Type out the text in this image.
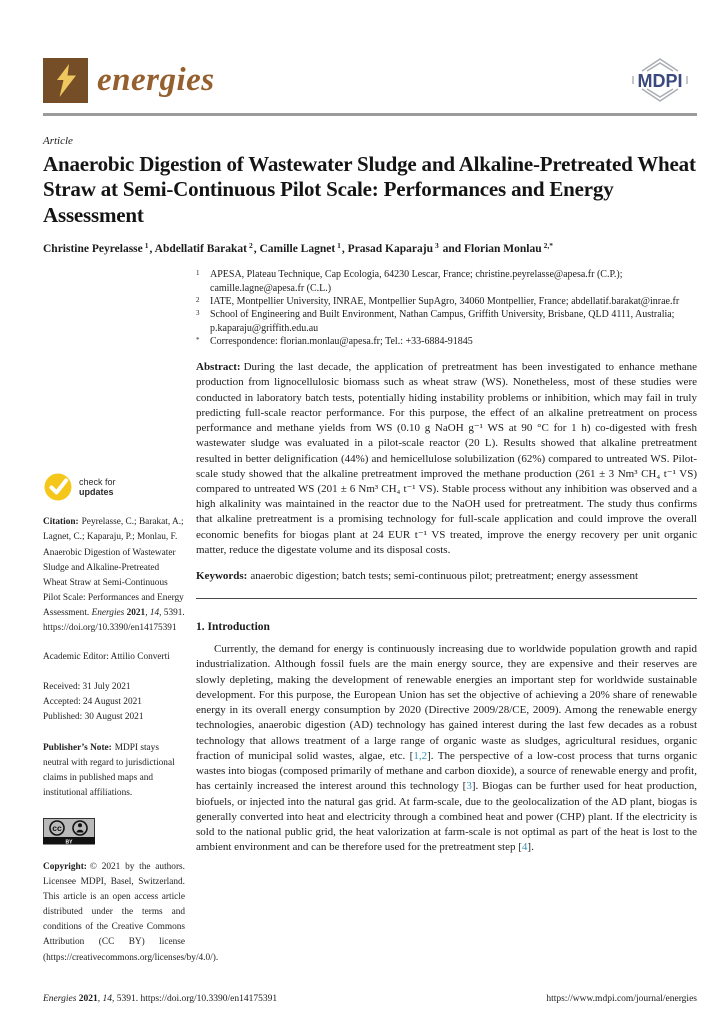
energies	MDPI
Article
Anaerobic Digestion of Wastewater Sludge and Alkaline-Pretreated Wheat Straw at Semi-Continuous Pilot Scale: Performances and Energy Assessment
Christine Peyrelasse $^1$, Abdellatif Barakat $^2$, Camille Lagnet $^1$, Prasad Kaparaju $^3$ and Florian Monlau $^{2,*}$
check for
updates

Citation: Peyrelasse, C.; Barakat, A.; Lagnet, C.; Kaparaju, P.; Monlau, F. Anaerobic Digestion of Wastewater Sludge and Alkaline-Pretreated Wheat Straw at Semi-Continuous Pilot Scale: Performances and Energy Assessment. Energies 2021, 14, 5391. https://doi.org/10.3390/en14175391

Academic Editor: Attilio Converti

Received: 31 July 2021
Accepted: 24 August 2021
Published: 30 August 2021

Publisher’s Note: MDPI stays neutral with regard to jurisdictional claims in published maps and institutional affiliations.

cc
BY

Copyright: © 2021 by the authors. Licensee MDPI, Basel, Switzerland. This article is an open access article distributed under the terms and conditions of the Creative Commons Attribution (CC BY) license (https://creativecommons.org/licenses/by/4.0/).

1	APESA, Plateau Technique, Cap Ecologia, 64230 Lescar, France; christine.peyrelasse@apesa.fr (C.P.); camille.lagne@apesa.fr (C.L.)
2	IATE, Montpellier University, INRAE, Montpellier SupAgro, 34060 Montpellier, France; abdellatif.barakat@inrae.fr
3	School of Engineering and Built Environment, Nathan Campus, Griffith University, Brisbane, QLD 4111, Australia; p.kaparaju@griffith.edu.au
*	Correspondence: florian.monlau@apesa.fr; Tel.: +33-6884-91845

Abstract: During the last decade, the application of pretreatment has been investigated to enhance methane production from lignocellulosic biomass such as wheat straw (WS). Nonetheless, most of these studies were conducted in laboratory batch tests, potentially hiding instability problems or inhibition, which may fail in truly predicting full-scale reactor performance. For this purpose, the effect of an alkaline pretreatment on process performance and methane yields from WS (0.10 g NaOH g⁻¹ WS at 90 °C for 1 h) co-digested with fresh wastewater sludge was evaluated in a pilot-scale reactor (20 L). Results showed that alkaline pretreatment resulted in better delignification (44%) and hemicellulose solubilization (62%) compared to untreated WS. Pilot-scale study showed that the alkaline pretreatment improved the methane production (261 ± 3 Nm³ CH₄ t⁻¹ VS) compared to untreated WS (201 ± 6 Nm³ CH₄ t⁻¹ VS). Stable process without any inhibition was observed and a high alkalinity was maintained in the reactor due to the NaOH used for pretreatment. The study thus confirms that alkaline pretreatment is a promising technology for full-scale application and could improve the overall economic benefits for biogas plant at 24 EUR t⁻¹ VS treated, improve the energy recovery per unit organic matter, reduce the digestate volume and its disposal costs.

Keywords: anaerobic digestion; batch tests; semi-continuous pilot; pretreatment; energy assessment

1. Introduction

Currently, the demand for energy is continuously increasing due to worldwide population growth and rapid industrialization. Although fossil fuels are the main energy source, they are expensive and their reserves are slowly depleting, making the development of renewable energies an important step for worldwide sustainable development. For this purpose, the European Union has set the objective of achieving a 20% share of renewable energy in its overall energy consumption by 2020 (Directive 2009/28/CE, 2009). Among the renewable energy technologies, anaerobic digestion (AD) technology has gained interest during the last few decades as a robust technology that allows treatment of a large range of organic waste as sludges, agricultural residues, organic fraction of municipal solid wastes, algae, etc. [1,2]. The perspective of a low-cost process that turns organic wastes into biogas (composed primarily of methane and carbon dioxide), a source of renewable energy and profit, has certainly increased the interest around this technology [3]. Biogas can be further used for heat production, biofuels, or injected into the natural gas grid. At farm-scale, due to the geolocalization of the AD plant, biogas is generally converted into heat and electricity through a combined heat and power (CHP) plant. If the electricity is sold to the national public grid, the heat valorization at farm-scale is not optimal as part of the heat is lost to the ambient environment and can be therefore used for the pretreatment step [4].

Energies 2021, 14, 5391. https://doi.org/10.3390/en14175391	https://www.mdpi.com/journal/energies
